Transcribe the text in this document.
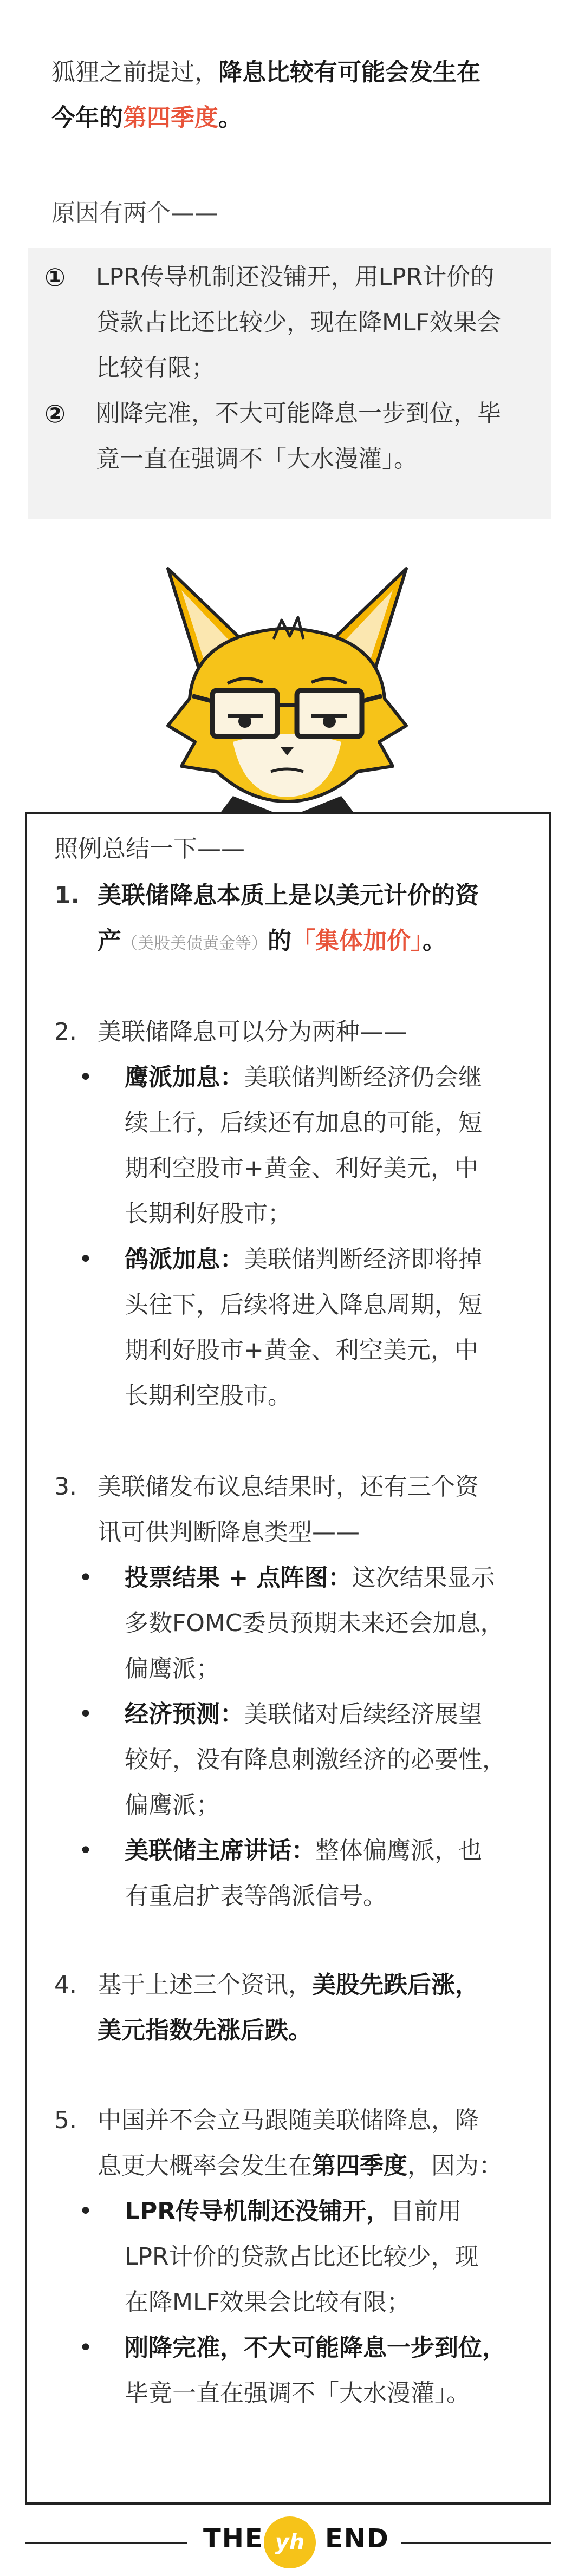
狐狸之前提过，降息比较有可能会发生在
今年的第四季度。

原因有两个——

① LPR传导机制还没铺开，用LPR计价的
贷款占比还比较少，现在降MLF效果会
比较有限；
② 刚降完准，不大可能降息一步到位，毕
竟一直在强调不「大水漫灌」。

照例总结一下——

1. 美联储降息本质上是以美元计价的资
产（美股美债黄金等）的「集体加价」。

2. 美联储降息可以分为两种——

• 鹰派加息：美联储判断经济仍会继
续上行，后续还有加息的可能，短
期利空股市+黄金、利好美元，中
长期利好股市；

• 鸽派加息：美联储判断经济即将掉
头往下，后续将进入降息周期，短
期利好股市+黄金、利空美元，中
长期利空股市。

3. 美联储发布议息结果时，还有三个资
讯可供判断降息类型——

• 投票结果 + 点阵图：这次结果显示
多数FOMC委员预期未来还会加息，
偏鹰派；

• 经济预测：美联储对后续经济展望
较好，没有降息刺激经济的必要性，
偏鹰派；

• 美联储主席讲话：整体偏鹰派，也
有重启扩表等鸽派信号。

4. 基于上述三个资讯，美股先跌后涨，
美元指数先涨后跌。

5. 中国并不会立马跟随美联储降息，降
息更大概率会发生在第四季度，因为：

• LPR传导机制还没铺开，目前用
LPR计价的贷款占比还比较少，现
在降MLF效果会比较有限；

• 刚降完准，不大可能降息一步到位，
毕竟一直在强调不「大水漫灌」。

THE yh END
